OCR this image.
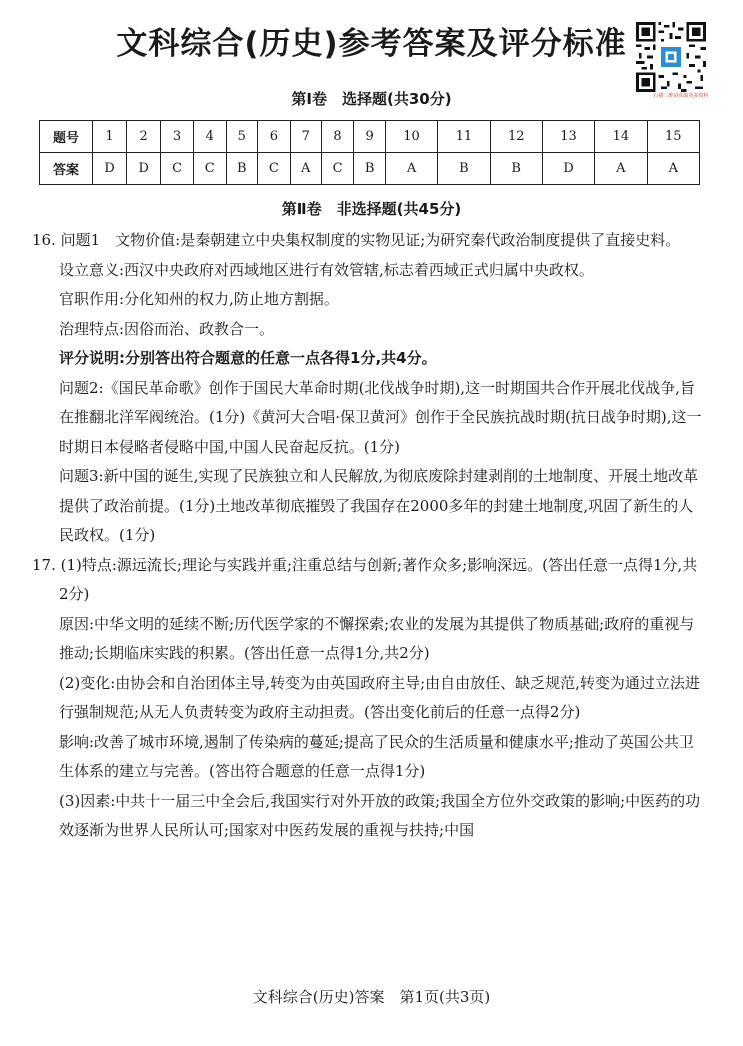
文科综合(历史)参考答案及评分标准
扫描二维码获取更多资料
第Ⅰ卷　选择题(共30分)
题号	1	2	3	4	5	6	7	8	9	10	11	12	13	14	15
答案	D	D	C	C	B	C	A	C	B	A	B	B	D	A	A
第Ⅱ卷　非选择题(共45分)
16. 问题1　文物价值:是秦朝建立中央集权制度的实物见证;为研究秦代政治制度提供了直接史料。
设立意义:西汉中央政府对西域地区进行有效管辖,标志着西域正式归属中央政权。
官职作用:分化知州的权力,防止地方割据。
治理特点:因俗而治、政教合一。
评分说明:分别答出符合题意的任意一点各得1分,共4分。
问题2:《国民革命歌》创作于国民大革命时期(北伐战争时期),这一时期国共合作开展北伐战争,旨在推翻北洋军阀统治。(1分)《黄河大合唱·保卫黄河》创作于全民族抗战时期(抗日战争时期),这一时期日本侵略者侵略中国,中国人民奋起反抗。(1分)
问题3:新中国的诞生,实现了民族独立和人民解放,为彻底废除封建剥削的土地制度、开展土地改革提供了政治前提。(1分)土地改革彻底摧毁了我国存在2000多年的封建土地制度,巩固了新生的人民政权。(1分)
17. (1)特点:源远流长;理论与实践并重;注重总结与创新;著作众多;影响深远。(答出任意一点得1分,共2分)
原因:中华文明的延续不断;历代医学家的不懈探索;农业的发展为其提供了物质基础;政府的重视与推动;长期临床实践的积累。(答出任意一点得1分,共2分)
(2)变化:由协会和自治团体主导,转变为由英国政府主导;由自由放任、缺乏规范,转变为通过立法进行强制规范;从无人负责转变为政府主动担责。(答出变化前后的任意一点得2分)
影响:改善了城市环境,遏制了传染病的蔓延;提高了民众的生活质量和健康水平;推动了英国公共卫生体系的建立与完善。(答出符合题意的任意一点得1分)
(3)因素:中共十一届三中全会后,我国实行对外开放的政策;我国全方位外交政策的影响;中医药的功效逐渐为世界人民所认可;国家对中医药发展的重视与扶持;中国
文科综合(历史)答案　第1页(共3页)
